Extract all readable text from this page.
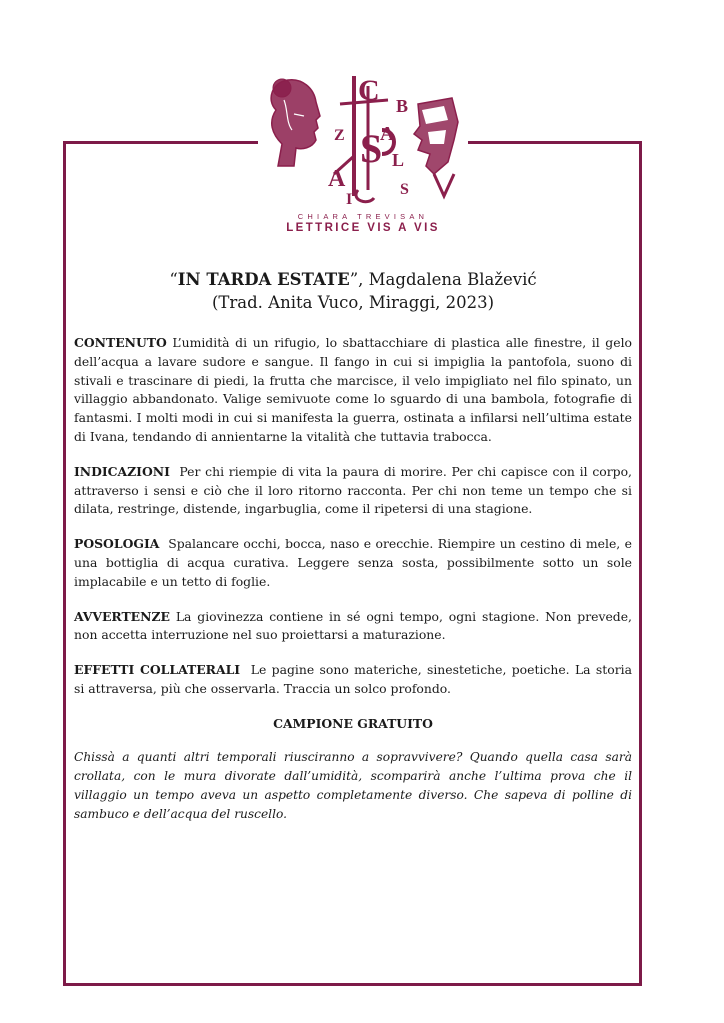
C
A
B
Z S
A
L
I
S
CHIARA TREVISAN
LETTRICE VIS A VIS
“IN TARDA ESTATE”, Magdalena Blažević
(Trad. Anita Vuco, Miraggi, 2023)

CONTENUTO L’umidità di un rifugio, lo sbattacchiare di plastica alle finestre, il gelo dell’acqua a lavare sudore e sangue. Il fango in cui si impiglia la pantofola, suono di stivali e trascinare di piedi, la frutta che marcisce, il velo impigliato nel filo spinato, un villaggio abbandonato. Valige semivuote come lo sguardo di una bambola, fotografie di fantasmi. I molti modi in cui si manifesta la guerra, ostinata a infilarsi nell’ultima estate di Ivana, tendando di annientarne la vitalità che tuttavia trabocca.

INDICAZIONI Per chi riempie di vita la paura di morire. Per chi capisce con il corpo, attraverso i sensi e ciò che il loro ritorno racconta. Per chi non teme un tempo che si dilata, restringe, distende, ingarbuglia, come il ripetersi di una stagione.

POSOLOGIA Spalancare occhi, bocca, naso e orecchie. Riempire un cestino di mele, e una bottiglia di acqua curativa. Leggere senza sosta, possibilmente sotto un sole implacabile e un tetto di foglie.

AVVERTENZE La giovinezza contiene in sé ogni tempo, ogni stagione. Non prevede, non accetta interruzione nel suo proiettarsi a maturazione.

EFFETTI COLLATERALI Le pagine sono materiche, sinestetiche, poetiche. La storia si attraversa, più che osservarla. Traccia un solco profondo.

CAMPIONE GRATUITO

Chissà a quanti altri temporali riusciranno a sopravvivere? Quando quella casa sarà crollata, con le mura divorate dall’umidità, scomparirà anche l’ultima prova che il villaggio un tempo aveva un aspetto completamente diverso. Che sapeva di polline di sambuco e dell’acqua del ruscello.
